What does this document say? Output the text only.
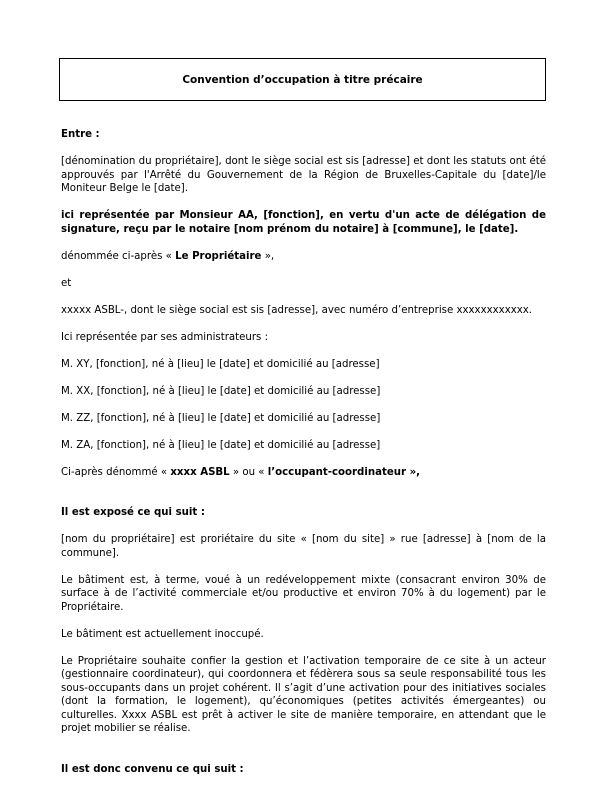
Convention d’occupation à titre précaire

Entre :

[dénomination du propriétaire], dont le siège social est sis [adresse] et dont les statuts ont été approuvés par l'Arrêté du Gouvernement de la Région de Bruxelles-Capitale du [date]/le Moniteur Belge le [date].

ici représentée par Monsieur AA, [fonction], en vertu d'un acte de délégation de signature, reçu par le notaire [nom prénom du notaire] à [commune], le [date].

dénommée ci-après « Le Propriétaire »,

et

xxxxx ASBL-, dont le siège social est sis [adresse], avec numéro d’entreprise xxxxxxxxxxxx.

Ici représentée par ses administrateurs :

M. XY, [fonction], né à [lieu] le [date] et domicilié au [adresse]

M. XX, [fonction], né à [lieu] le [date] et domicilié au [adresse]

M. ZZ, [fonction], né à [lieu] le [date] et domicilié au [adresse]

M. ZA, [fonction], né à [lieu] le [date] et domicilié au [adresse]

Ci-après dénommé « xxxx ASBL » ou « l’occupant-coordinateur »,

Il est exposé ce qui suit :

[nom du propriétaire] est proriétaire du site « [nom du site] » rue [adresse] à [nom de la commune].

Le bâtiment est, à terme, voué à un redéveloppement mixte (consacrant environ 30% de surface à de l’activité commerciale et/ou productive et environ 70% à du logement) par le Propriétaire.

Le bâtiment est actuellement inoccupé.

Le Propriétaire souhaite confier la gestion et l’activation temporaire de ce site à un acteur (gestionnaire coordinateur), qui coordonnera et fédèrera sous sa seule responsabilité tous les sous-occupants dans un projet cohérent. Il s’agit d’une activation pour des initiatives sociales (dont la formation, le logement), qu’économiques (petites activités émergeantes) ou culturelles. Xxxx ASBL est prêt à activer le site de manière temporaire, en attendant que le projet mobilier se réalise.

Il est donc convenu ce qui suit :
